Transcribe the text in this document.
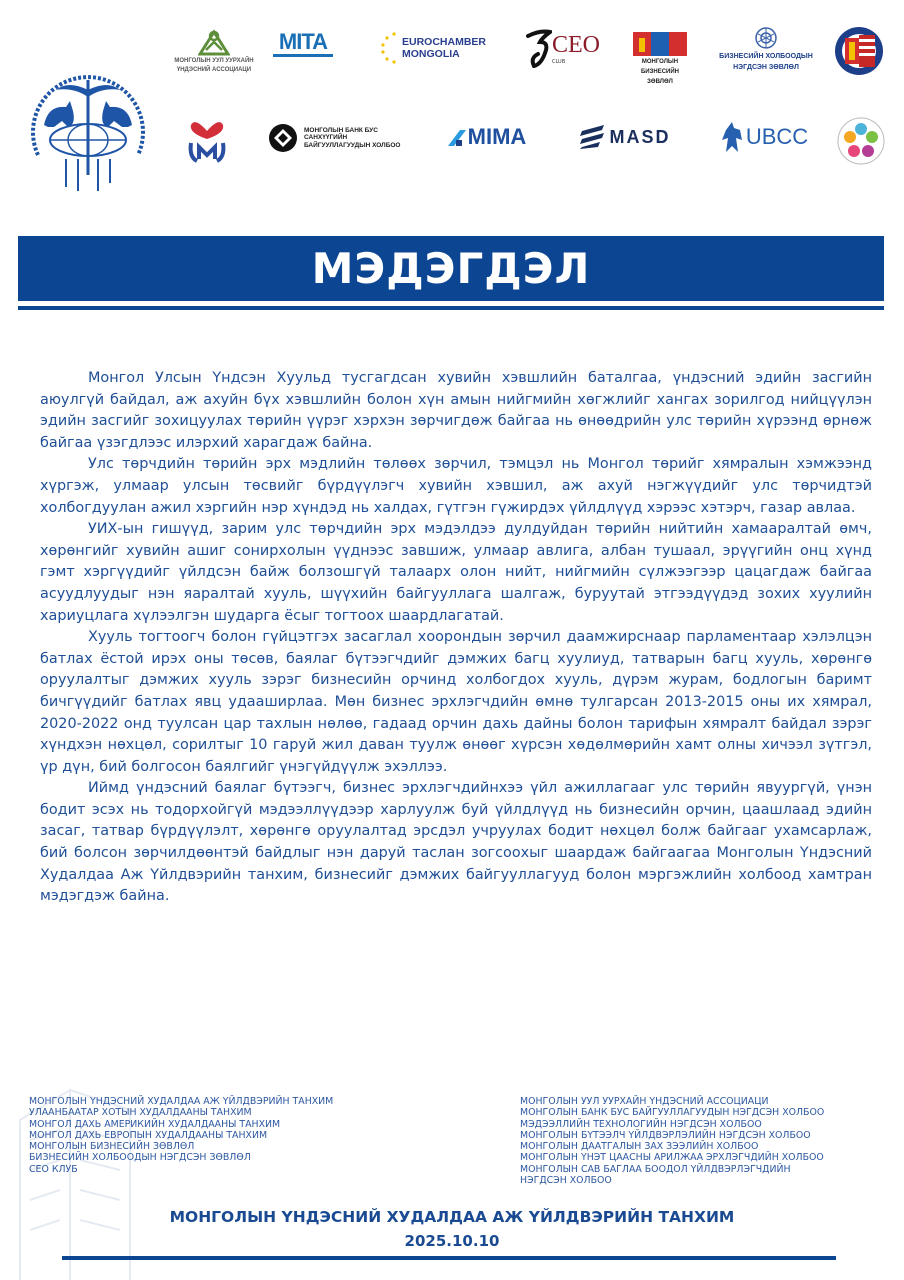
МОНГОЛЫН УУЛ УУРХАЙН
ҮНДЭСНИЙ АССОЦИАЦИ
MITA	EUROCHAMBER
MONGOLIA	CEO
CLUB	МОНГОЛЫН
БИЗНЕСИЙН
ЗӨВЛӨЛ
БИЗНЕСИЙН ХОЛБООДЫН
НЭГДСЭН ЗӨВЛӨЛ
МОНГОЛЫН БАНК БУС
САНХҮҮГИЙН
БАЙГУУЛЛАГУУДЫН ХОЛБОО	MIMA	MASD	UBCC
МЭДЭГДЭЛ

Монгол Улсын Үндсэн Хуульд тусгагдсан хувийн хэвшлийн баталгаа, үндэсний эдийн засгийн аюулгүй байдал, аж ахуйн бүх хэвшлийн болон хүн амын нийгмийн хөгжлийг хангах зорилгод нийцүүлэн эдийн засгийг зохицуулах төрийн үүрэг хэрхэн зөрчигдөж байгаа нь өнөөдрийн улс төрийн хүрээнд өрнөж байгаа үзэгдлээс илэрхий харагдаж байна.

Улс төрчдийн төрийн эрх мэдлийн төлөөх зөрчил, тэмцэл нь Монгол төрийг хямралын хэмжээнд хүргэж, улмаар улсын төсвийг бүрдүүлэгч хувийн хэвшил, аж ахуй нэгжүүдийг улс төрчидтэй холбогдуулан ажил хэргийн нэр хүндэд нь халдах, гүтгэн гүжирдэх үйлдлүүд хэрээс хэтэрч, газар авлаа.

УИХ-ын гишүүд, зарим улс төрчдийн эрх мэдэлдээ дулдуйдан төрийн нийтийн хамааралтай өмч, хөрөнгийг хувийн ашиг сонирхолын үүднээс завшиж, улмаар авлига, албан тушаал, эрүүгийн онц хүнд гэмт хэргүүдийг үйлдсэн байж болзошгүй талаарх олон нийт, нийгмийн сүлжээгээр цацагдаж байгаа асуудлуудыг нэн яаралтай хууль, шүүхийн байгууллага шалгаж, буруутай этгээдүүдэд зохих хуулийн хариуцлага хүлээлгэн шударга ёсыг тогтоох шаардлагатай.

Хууль тогтоогч болон гүйцэтгэх засаглал хоорондын зөрчил даамжирснаар парламентаар хэлэлцэн батлах ёстой ирэх оны төсөв, баялаг бүтээгчдийг дэмжих багц хуулиуд, татварын багц хууль, хөрөнгө оруулалтыг дэмжих хууль зэрэг бизнесийн орчинд холбогдох хууль, дүрэм журам, бодлогын баримт бичгүүдийг батлах явц удааширлаа. Мөн бизнес эрхлэгчдийн өмнө тулгарсан 2013-2015 оны их хямрал, 2020-2022 онд туулсан цар тахлын нөлөө, гадаад орчин дахь дайны болон тарифын хямралт байдал зэрэг хүндхэн нөхцөл, сорилтыг 10 гаруй жил даван туулж өнөөг хүрсэн хөдөлмөрийн хамт олны хичээл зүтгэл, үр дүн, бий болгосон баялгийг үнэгүйдүүлж эхэллээ.

Иймд үндэсний баялаг бүтээгч, бизнес эрхлэгчдийнхээ үйл ажиллагааг улс төрийн явуургүй, үнэн бодит эсэх нь тодорхойгүй мэдээллүүдээр харлуулж буй үйлдлүүд нь бизнесийн орчин, цаашлаад эдийн засаг, татвар бүрдүүлэлт, хөрөнгө оруулалтад эрсдэл учруулах бодит нөхцөл болж байгааг ухамсарлаж, бий болсон зөрчилдөөнтэй байдлыг нэн даруй таслан зогсоохыг шаардаж байгаагаа Монголын Үндэсний Худалдаа Аж Үйлдвэрийн танхим, бизнесийг дэмжих байгууллагууд болон мэргэжлийн холбоод хамтран мэдэгдэж байна.

МОНГОЛЫН ҮНДЭСНИЙ ХУДАЛДАА АЖ ҮЙЛДВЭРИЙН ТАНХИМ
УЛААНБААТАР ХОТЫН ХУДАЛДААНЫ ТАНХИМ
МОНГОЛ ДАХЬ АМЕРИКИЙН ХУДАЛДААНЫ ТАНХИМ
МОНГОЛ ДАХЬ ЕВРОПЫН ХУДАЛДААНЫ ТАНХИМ
МОНГОЛЫН БИЗНЕСИЙН ЗӨВЛӨЛ
БИЗНЕСИЙН ХОЛБООДЫН НЭГДСЭН ЗӨВЛӨЛ
СЕО КЛУБ
МОНГОЛЫН УУЛ УУРХАЙН ҮНДЭСНИЙ АССОЦИАЦИ
МОНГОЛЫН БАНК БУС БАЙГУУЛЛАГУУДЫН НЭГДСЭН ХОЛБОО
МЭДЭЭЛЛИЙН ТЕХНОЛОГИЙН НЭГДСЭН ХОЛБОО
МОНГОЛЫН БҮТЭЭЛЧ ҮЙЛДВЭРЛЭЛИЙН НЭГДСЭН ХОЛБОО
МОНГОЛЫН ДААТГАЛЫН ЗАХ ЗЭЭЛИЙН ХОЛБОО
МОНГОЛЫН ҮНЭТ ЦААСНЫ АРИЛЖАА ЭРХЛЭГЧДИЙН ХОЛБОО
МОНГОЛЫН САВ БАГЛАА БООДОЛ ҮЙЛДВЭРЛЭГЧДИЙН
НЭГДСЭН ХОЛБОО
МОНГОЛЫН ҮНДЭСНИЙ ХУДАЛДАА АЖ ҮЙЛДВЭРИЙН ТАНХИМ
2025.10.10
